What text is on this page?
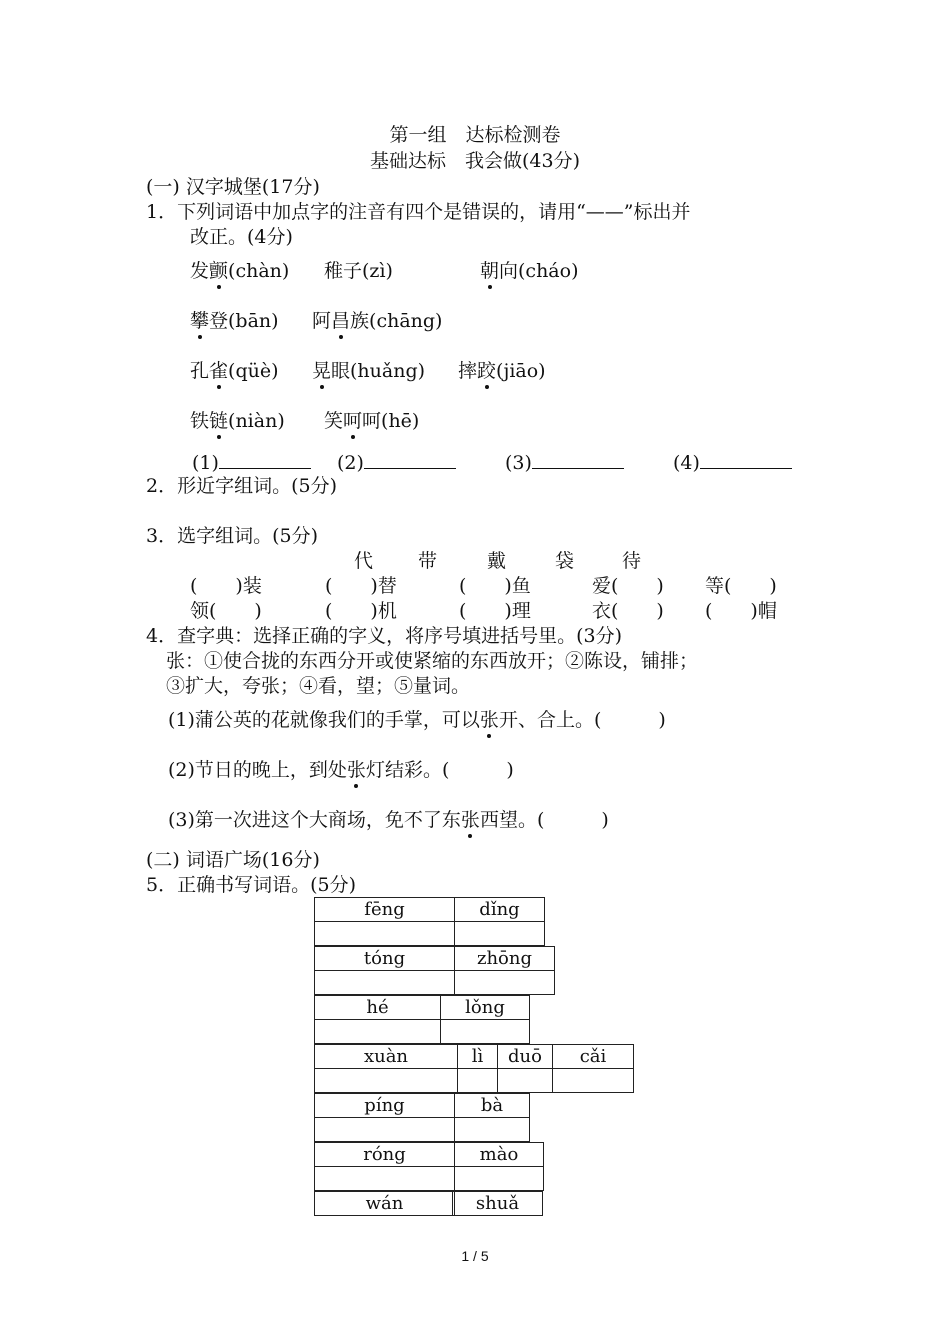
第一组　达标检测卷
基础达标　我会做(43分)
(一) 汉字城堡(17分)
1．下列词语中加点字的注音有四个是错误的，请用“——”标出并
改正。(4分)
发颤(chàn) 稚子(zì)	朝向(cháo)
攀登(bān) 阿昌族(chāng)
孔雀(qüè) 晃眼(huǎng) 摔跤(jiāo)
铁链(niàn) 笑呵呵(hē)
(1)	(2)	(3)	(4)
2．形近字组词。(5分)
3．选字组词。(5分)
代 带	戴	袋	待
(　　)装	(　　)替	(　　)鱼	爱(　　) 等(　　)
领(　　)	(　　)机	(　　)理	衣(　　) (　　)帽
4．查字典：选择正确的字义，将序号填进括号里。(3分)
张：①使合拢的东西分开或使紧缩的东西放开；②陈设，铺排；
③扩大，夸张；④看，望；⑤量词。
(1)蒲公英的花就像我们的手掌，可以张开、合上。(　　　)
(2)节日的晚上，到处张灯结彩。(　　　)
(3)第一次进这个大商场，免不了东张西望。(　　　)
(二) 词语广场(16分)
5．正确书写词语。(5分)
fēng	dǐng
tóng	zhōng
hé	lǒng
xuàn	lì	duō	cǎi
píng	bà
róng	mào
wán	shuǎ
1 / 5
